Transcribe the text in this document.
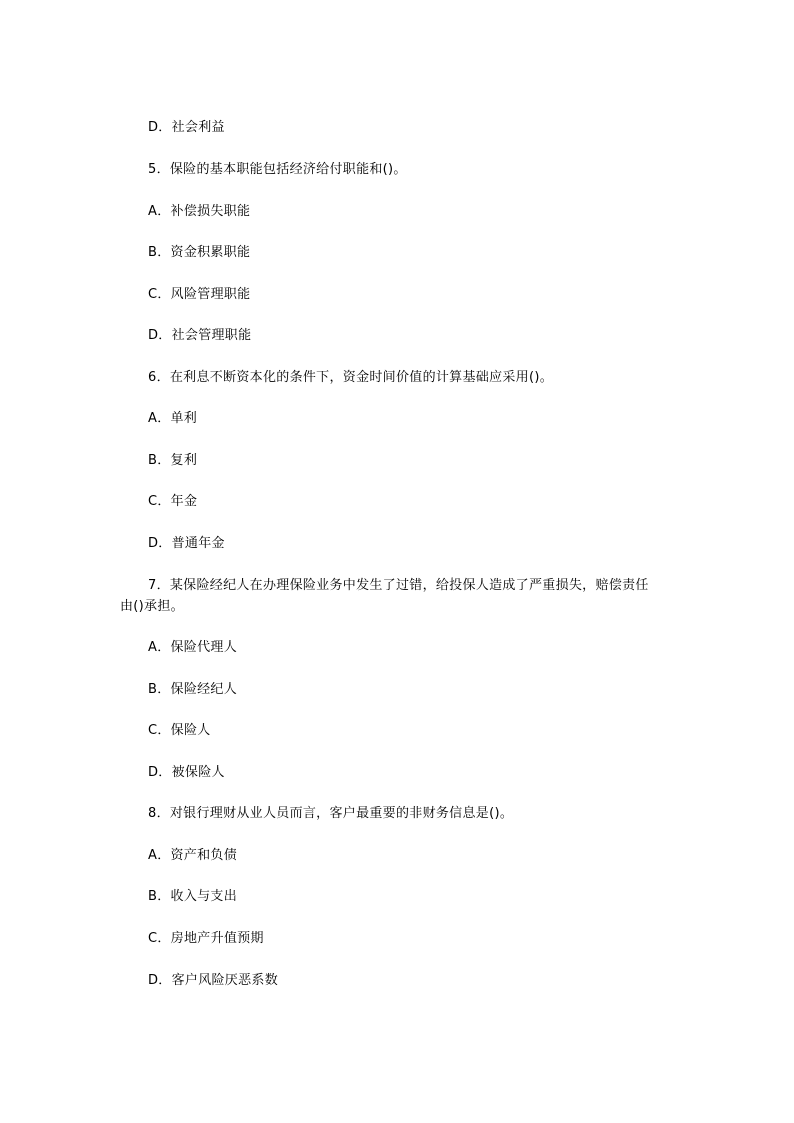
D．社会利益
5．保险的基本职能包括经济给付职能和()。
A．补偿损失职能
B．资金积累职能
C．风险管理职能
D．社会管理职能
6．在利息不断资本化的条件下，资金时间价值的计算基础应采用()。
A．单利
B．复利
C．年金
D．普通年金
7．某保险经纪人在办理保险业务中发生了过错，给投保人造成了严重损失，赔偿责任
由()承担。
A．保险代理人
B．保险经纪人
C．保险人
D．被保险人
8．对银行理财从业人员而言，客户最重要的非财务信息是()。
A．资产和负债
B．收入与支出
C．房地产升值预期
D．客户风险厌恶系数
